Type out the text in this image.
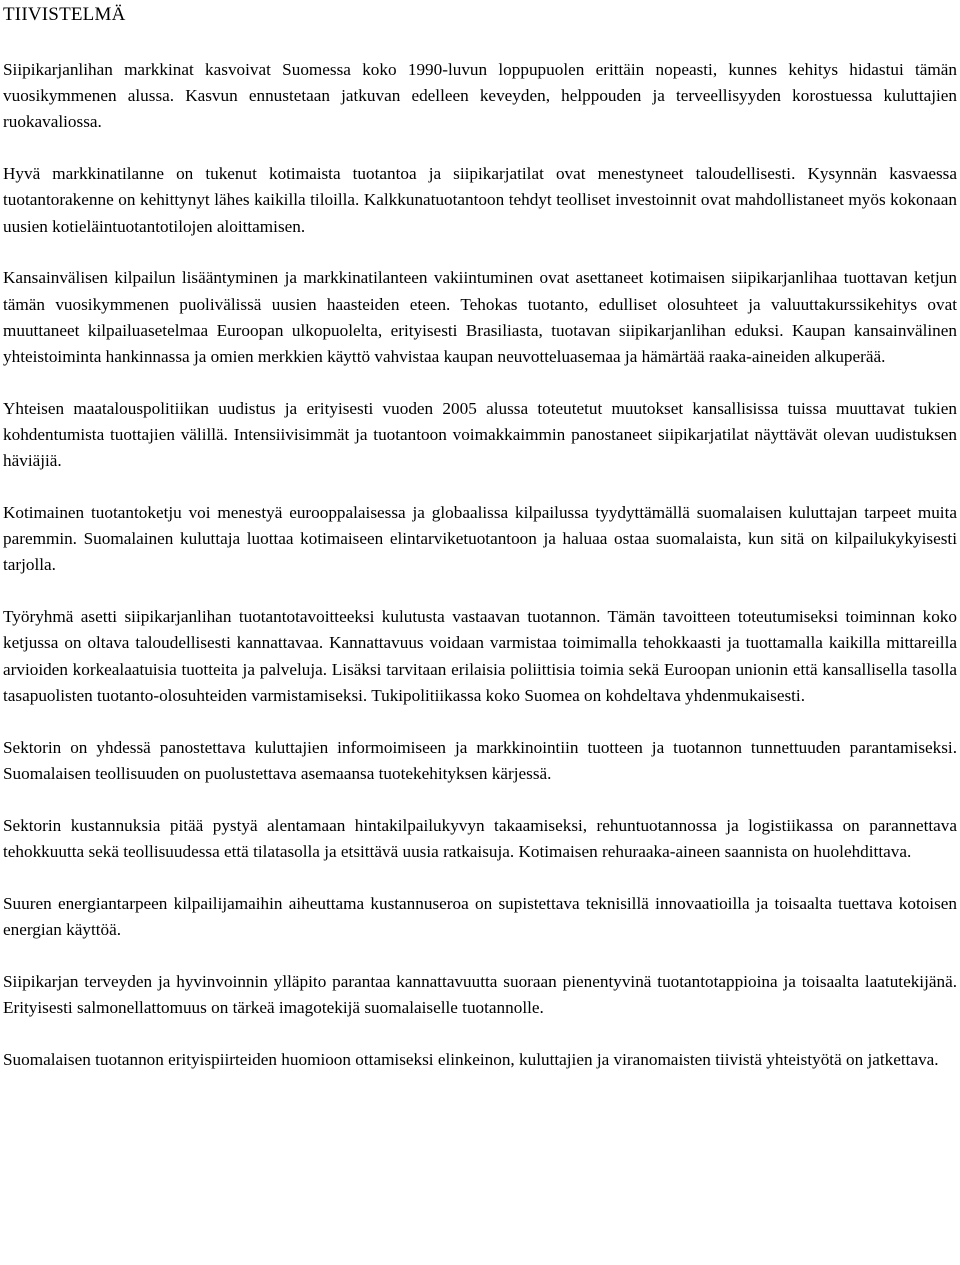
TIIVISTELMÄ

Siipikarjanlihan markkinat kasvoivat Suomessa koko 1990-luvun loppupuolen erittäin nopeasti, kunnes kehitys hidastui tämän vuosikymmenen alussa. Kasvun ennustetaan jatkuvan edelleen keveyden, helppouden ja terveellisyyden korostuessa kuluttajien ruokavaliossa.

Hyvä markkinatilanne on tukenut kotimaista tuotantoa ja siipikarjatilat ovat menestyneet taloudellisesti. Kysynnän kasvaessa tuotantorakenne on kehittynyt lähes kaikilla tiloilla. Kalkkunatuotantoon tehdyt teolliset investoinnit ovat mahdollistaneet myös kokonaan uusien kotieläintuotantotilojen aloittamisen.

Kansainvälisen kilpailun lisääntyminen ja markkinatilanteen vakiintuminen ovat asettaneet kotimaisen siipikarjanlihaa tuottavan ketjun tämän vuosikymmenen puolivälissä uusien haasteiden eteen. Tehokas tuotanto, edulliset olosuhteet ja valuuttakurssikehitys ovat muuttaneet kilpailuasetelmaa Euroopan ulkopuolelta, erityisesti Brasiliasta, tuotavan siipikarjanlihan eduksi. Kaupan kansainvälinen yhteistoiminta hankinnassa ja omien merkkien käyttö vahvistaa kaupan neuvotteluasemaa ja hämärtää raaka-aineiden alkuperää.

Yhteisen maatalouspolitiikan uudistus ja erityisesti vuoden 2005 alussa toteutetut muutokset kansallisissa tuissa muuttavat tukien kohdentumista tuottajien välillä. Intensiivisimmät ja tuotantoon voimakkaimmin panostaneet siipikarjatilat näyttävät olevan uudistuksen häviäjiä.

Kotimainen tuotantoketju voi menestyä eurooppalaisessa ja globaalissa kilpailussa tyydyttämällä suomalaisen kuluttajan tarpeet muita paremmin. Suomalainen kuluttaja luottaa kotimaiseen elintarviketuotantoon ja haluaa ostaa suomalaista, kun sitä on kilpailukykyisesti tarjolla.

Työryhmä asetti siipikarjanlihan tuotantotavoitteeksi kulutusta vastaavan tuotannon. Tämän tavoitteen toteutumiseksi toiminnan koko ketjussa on oltava taloudellisesti kannattavaa. Kannattavuus voidaan varmistaa toimimalla tehokkaasti ja tuottamalla kaikilla mittareilla arvioiden korkealaatuisia tuotteita ja palveluja. Lisäksi tarvitaan erilaisia poliittisia toimia sekä Euroopan unionin että kansallisella tasolla tasapuolisten tuotanto-olosuhteiden varmistamiseksi. Tukipolitiikassa koko Suomea on kohdeltava yhdenmukaisesti.

Sektorin on yhdessä panostettava kuluttajien informoimiseen ja markkinointiin tuotteen ja tuotannon tunnettuuden parantamiseksi. Suomalaisen teollisuuden on puolustettava asemaansa tuotekehityksen kärjessä.

Sektorin kustannuksia pitää pystyä alentamaan hintakilpailukyvyn takaamiseksi, rehuntuotannossa ja logistiikassa on parannettava tehokkuutta sekä teollisuudessa että tilatasolla ja etsittävä uusia ratkaisuja. Kotimaisen rehuraaka-aineen saannista on huolehdittava.

Suuren energiantarpeen kilpailijamaihin aiheuttama kustannuseroa on supistettava teknisillä innovaatioilla ja toisaalta tuettava kotoisen energian käyttöä.

Siipikarjan terveyden ja hyvinvoinnin ylläpito parantaa kannattavuutta suoraan pienentyvinä tuotantotappioina ja toisaalta laatutekijänä. Erityisesti salmonellattomuus on tärkeä imagotekijä suomalaiselle tuotannolle.

Suomalaisen tuotannon erityispiirteiden huomioon ottamiseksi elinkeinon, kuluttajien ja viranomaisten tiivistä yhteistyötä on jatkettava.
